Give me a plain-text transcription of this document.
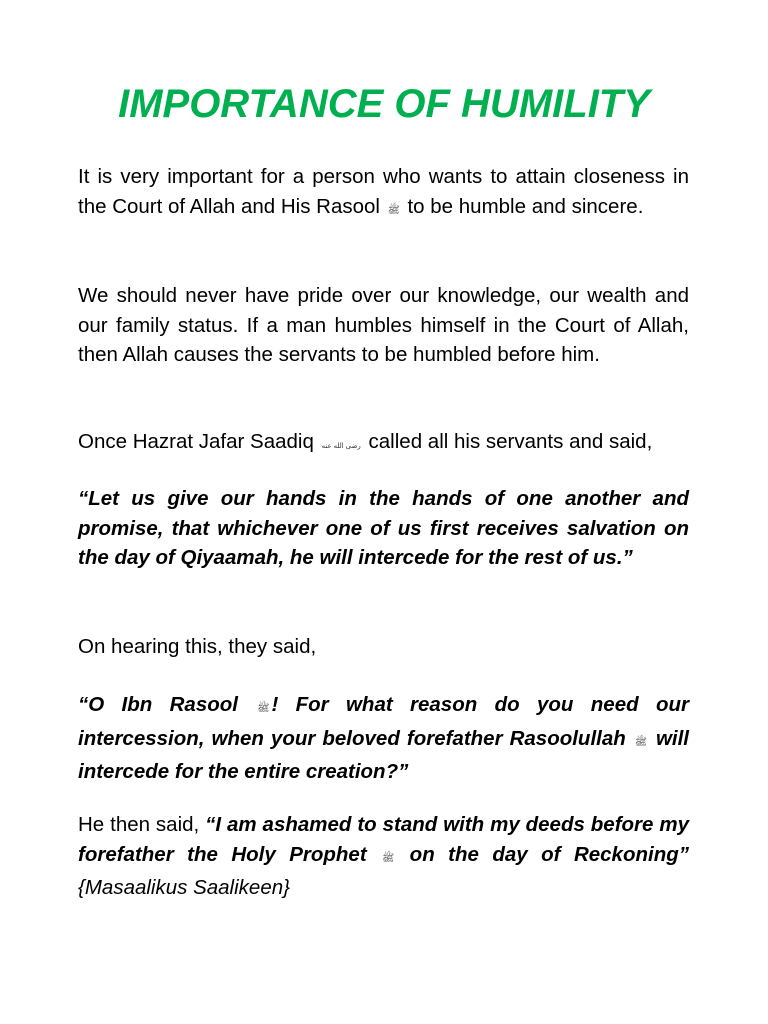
IMPORTANCE OF HUMILITY

It is very important for a person who wants to attain closeness in the Court of Allah and His Rasool ﷺ to be humble and sincere.

We should never have pride over our knowledge, our wealth and our family status. If a man humbles himself in the Court of Allah, then Allah causes the servants to be humbled before him.

Once Hazrat Jafar Saadiq رضى الله عنه called all his servants and said,

“Let us give our hands in the hands of one another and promise, that whichever one of us first receives salvation on the day of Qiyaamah, he will intercede for the rest of us.”

On hearing this, they said,

“O Ibn Rasool ﷺ! For what reason do you need our intercession, when your beloved forefather Rasoolullah ﷺ will intercede for the entire creation?”

He then said, “I am ashamed to stand with my deeds before my forefather the Holy Prophet ﷺ on the day of Reckoning” {Masaalikus Saalikeen}
